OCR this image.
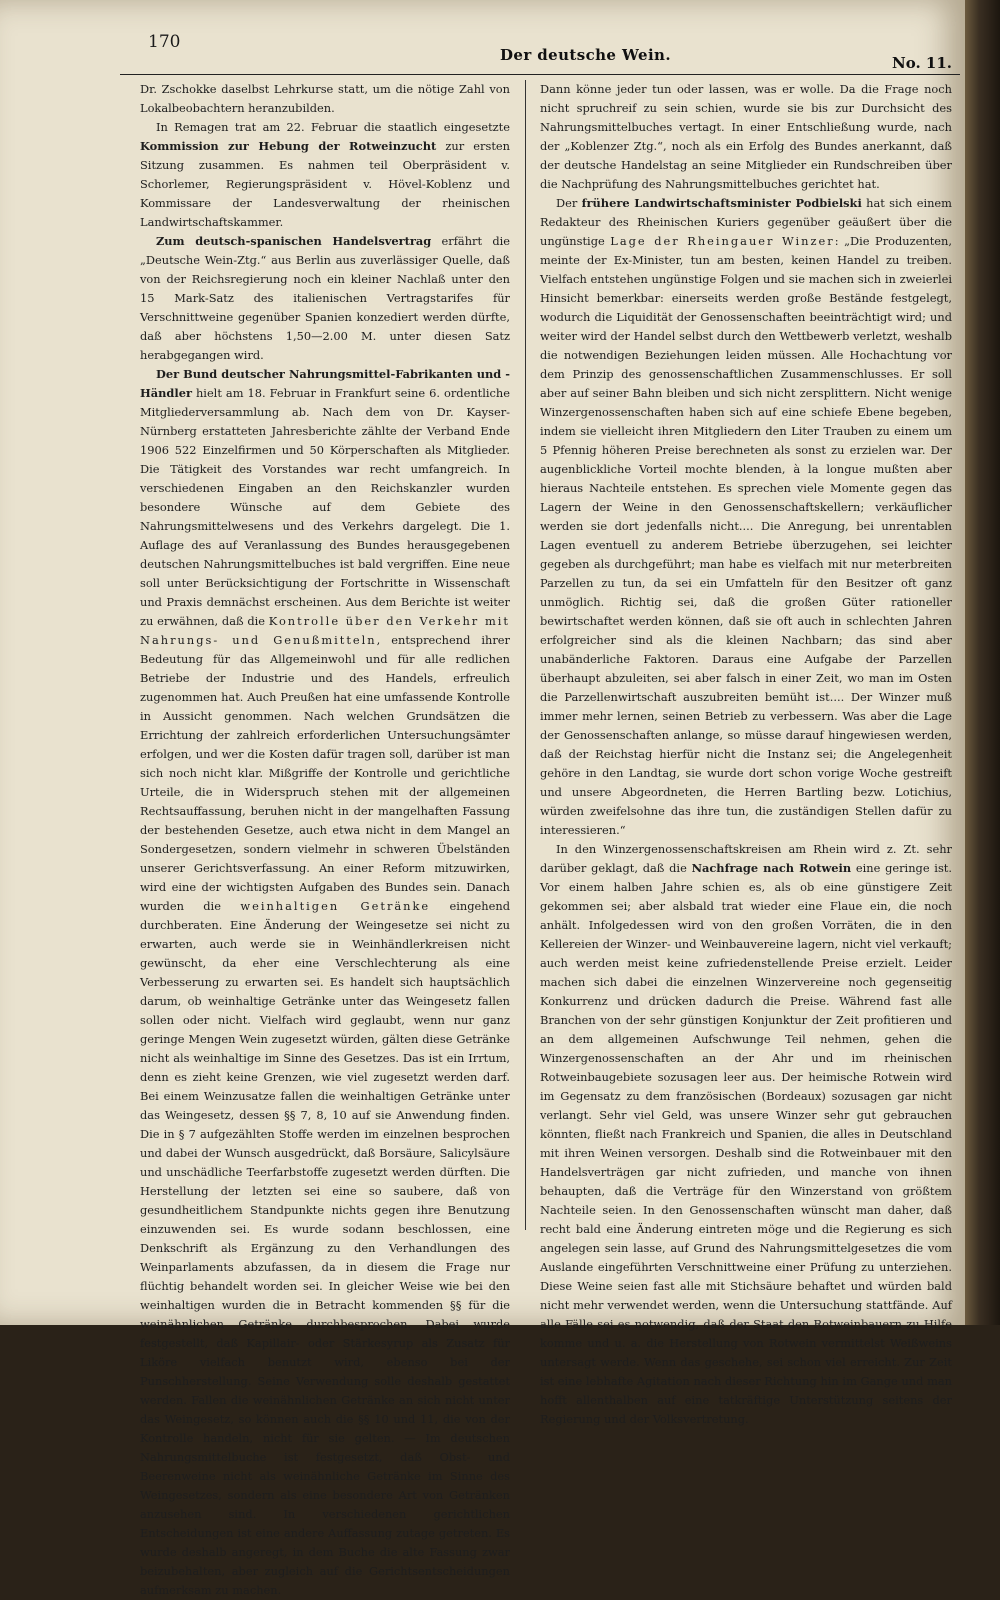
170
Der deutsche Wein.	No. 11.

Dr. Zschokke daselbst Lehrkurse statt, um die nötige Zahl von Lokalbeobachtern heranzubilden.

In Remagen trat am 22. Februar die staatlich eingesetzte Kommission zur Hebung der Rotweinzucht zur ersten Sitzung zusammen. Es nahmen teil Oberpräsident v. Schorlemer, Regierungspräsident v. Hövel-Koblenz und Kommissare der Landesverwaltung der rheinischen Landwirtschaftskammer.

Zum deutsch-spanischen Handelsvertrag erfährt die „Deutsche Wein-Ztg.“ aus Berlin aus zuverlässiger Quelle, daß von der Reichsregierung noch ein kleiner Nachlaß unter den 15 Mark-Satz des italienischen Vertragstarifes für Verschnittweine gegenüber Spanien konzediert werden dürfte, daß aber höchstens 1,50—2.00 M. unter diesen Satz herabgegangen wird.

Der Bund deutscher Nahrungsmittel-Fabrikanten und -Händler hielt am 18. Februar in Frankfurt seine 6. ordentliche Mitgliederversammlung ab. Nach dem von Dr. Kayser-Nürnberg erstatteten Jahresberichte zählte der Verband Ende 1906 522 Einzelfirmen und 50 Körperschaften als Mitglieder. Die Tätigkeit des Vorstandes war recht umfangreich. In verschiedenen Eingaben an den Reichskanzler wurden besondere Wünsche auf dem Gebiete des Nahrungsmittelwesens und des Verkehrs dargelegt. Die 1. Auflage des auf Veranlassung des Bundes herausgegebenen deutschen Nahrungsmittelbuches ist bald vergriffen. Eine neue soll unter Berücksichtigung der Fortschritte in Wissenschaft und Praxis demnächst erscheinen. Aus dem Berichte ist weiter zu erwähnen, daß die Kontrolle über den Verkehr mit Nahrungs- und Genußmitteln, entsprechend ihrer Bedeutung für das Allgemeinwohl und für alle redlichen Betriebe der Industrie und des Handels, erfreulich zugenommen hat. Auch Preußen hat eine umfassende Kontrolle in Aussicht genommen. Nach welchen Grundsätzen die Errichtung der zahlreich erforderlichen Untersuchungsämter erfolgen, und wer die Kosten dafür tragen soll, darüber ist man sich noch nicht klar. Mißgriffe der Kontrolle und gerichtliche Urteile, die in Widerspruch stehen mit der allgemeinen Rechtsauffassung, beruhen nicht in der mangelhaften Fassung der bestehenden Gesetze, auch etwa nicht in dem Mangel an Sondergesetzen, sondern vielmehr in schweren Übelständen unserer Gerichtsverfassung. An einer Reform mitzuwirken, wird eine der wichtigsten Aufgaben des Bundes sein. Danach wurden die weinhaltigen Getränke eingehend durchberaten. Eine Änderung der Weingesetze sei nicht zu erwarten, auch werde sie in Weinhändlerkreisen nicht gewünscht, da eher eine Verschlechterung als eine Verbesserung zu erwarten sei. Es handelt sich hauptsächlich darum, ob weinhaltige Getränke unter das Weingesetz fallen sollen oder nicht. Vielfach wird geglaubt, wenn nur ganz geringe Mengen Wein zugesetzt würden, gälten diese Getränke nicht als weinhaltige im Sinne des Gesetzes. Das ist ein Irrtum, denn es zieht keine Grenzen, wie viel zugesetzt werden darf. Bei einem Weinzusatze fallen die weinhaltigen Getränke unter das Weingesetz, dessen §§ 7, 8, 10 auf sie Anwendung finden. Die in § 7 aufgezählten Stoffe werden im einzelnen besprochen und dabei der Wunsch ausgedrückt, daß Borsäure, Salicylsäure und unschädliche Teerfarbstoffe zugesetzt werden dürften. Die Herstellung der letzten sei eine so saubere, daß von gesundheitlichem Standpunkte nichts gegen ihre Benutzung einzuwenden sei. Es wurde sodann beschlossen, eine Denkschrift als Ergänzung zu den Verhandlungen des Weinparlaments abzufassen, da in diesem die Frage nur flüchtig behandelt worden sei. In gleicher Weise wie bei den weinhaltigen wurden die in Betracht kommenden §§ für die weinähnlichen Getränke durchbesprochen. Dabei wurde festgestellt, daß Kapillair- oder Stärkesyrup als Zusatz für Liköre vielfach benutzt wird, ebenso bei der Punschherstellung. Seine Verwendung solle deshalb gestattet werden. Fallen die weinähnlichen Getränke an sich nicht unter das Weingesetz, so können auch die §§ 10 und 11, die von der Kontrolle handeln, nicht für sie gelten. — Im deutschen Nahrungsmittelbuche ist festgesetzt, daß Obst- und Beerenweine nicht als weinähnliche Getränke im Sinne des Weingesetzes, sondern als eine besondere Art von Getränken anzusehen sind. In verschiedenen gerichtlichen Entscheidungen ist eine andere Auffassung zutage getreten. Es wurde deshalb angeregt, in dem Buche die alte Fassung zwar beizubehalten, aber zugleich auf die Gerichtsentscheidungen aufmerksam zu machen.

Dann könne jeder tun oder lassen, was er wolle. Da die Frage noch nicht spruchreif zu sein schien, wurde sie bis zur Durchsicht des Nahrungsmittelbuches vertagt. In einer Entschließung wurde, nach der „Koblenzer Ztg.“, noch als ein Erfolg des Bundes anerkannt, daß der deutsche Handelstag an seine Mitglieder ein Rundschreiben über die Nachprüfung des Nahrungsmittelbuches gerichtet hat.

Der frühere Landwirtschaftsminister Podbielski hat sich einem Redakteur des Rheinischen Kuriers gegenüber geäußert über die ungünstige Lage der Rheingauer Winzer: „Die Produzenten, meinte der Ex-Minister, tun am besten, keinen Handel zu treiben. Vielfach entstehen ungünstige Folgen und sie machen sich in zweierlei Hinsicht bemerkbar: einerseits werden große Bestände festgelegt, wodurch die Liquidität der Genossenschaften beeinträchtigt wird; und weiter wird der Handel selbst durch den Wettbewerb verletzt, weshalb die notwendigen Beziehungen leiden müssen. Alle Hochachtung vor dem Prinzip des genossenschaftlichen Zusammenschlusses. Er soll aber auf seiner Bahn bleiben und sich nicht zersplittern. Nicht wenige Winzergenossenschaften haben sich auf eine schiefe Ebene begeben, indem sie vielleicht ihren Mitgliedern den Liter Trauben zu einem um 5 Pfennig höheren Preise berechneten als sonst zu erzielen war. Der augenblickliche Vorteil mochte blenden, à la longue mußten aber hieraus Nachteile entstehen. Es sprechen viele Momente gegen das Lagern der Weine in den Genossenschaftskellern; verkäuflicher werden sie dort jedenfalls nicht.... Die Anregung, bei unrentablen Lagen eventuell zu anderem Betriebe überzugehen, sei leichter gegeben als durchgeführt; man habe es vielfach mit nur meterbreiten Parzellen zu tun, da sei ein Umfatteln für den Besitzer oft ganz unmöglich. Richtig sei, daß die großen Güter rationeller bewirtschaftet werden können, daß sie oft auch in schlechten Jahren erfolgreicher sind als die kleinen Nachbarn; das sind aber unabänderliche Faktoren. Daraus eine Aufgabe der Parzellen überhaupt abzuleiten, sei aber falsch in einer Zeit, wo man im Osten die Parzellenwirtschaft auszubreiten bemüht ist.... Der Winzer muß immer mehr lernen, seinen Betrieb zu verbessern. Was aber die Lage der Genossenschaften anlange, so müsse darauf hingewiesen werden, daß der Reichstag hierfür nicht die Instanz sei; die Angelegenheit gehöre in den Landtag, sie wurde dort schon vorige Woche gestreift und unsere Abgeordneten, die Herren Bartling bezw. Lotichius, würden zweifelsohne das ihre tun, die zuständigen Stellen dafür zu interessieren.“

In den Winzergenossenschaftskreisen am Rhein wird z. Zt. sehr darüber geklagt, daß die Nachfrage nach Rotwein eine geringe ist. Vor einem halben Jahre schien es, als ob eine günstigere Zeit gekommen sei; aber alsbald trat wieder eine Flaue ein, die noch anhält. Infolgedessen wird von den großen Vorräten, die in den Kellereien der Winzer- und Weinbauvereine lagern, nicht viel verkauft; auch werden meist keine zufriedenstellende Preise erzielt. Leider machen sich dabei die einzelnen Winzervereine noch gegenseitig Konkurrenz und drücken dadurch die Preise. Während fast alle Branchen von der sehr günstigen Konjunktur der Zeit profitieren und an dem allgemeinen Aufschwunge Teil nehmen, gehen die Winzergenossenschaften an der Ahr und im rheinischen Rotweinbaugebiete sozusagen leer aus. Der heimische Rotwein wird im Gegensatz zu dem französischen (Bordeaux) sozusagen gar nicht verlangt. Sehr viel Geld, was unsere Winzer sehr gut gebrauchen könnten, fließt nach Frankreich und Spanien, die alles in Deutschland mit ihren Weinen versorgen. Deshalb sind die Rotweinbauer mit den Handelsverträgen gar nicht zufrieden, und manche von ihnen behaupten, daß die Verträge für den Winzerstand von größtem Nachteile seien. In den Genossenschaften wünscht man daher, daß recht bald eine Änderung eintreten möge und die Regierung es sich angelegen sein lasse, auf Grund des Nahrungsmittelgesetzes die vom Auslande eingeführten Verschnittweine einer Prüfung zu unterziehen. Diese Weine seien fast alle mit Stichsäure behaftet und würden bald nicht mehr verwendet werden, wenn die Untersuchung stattfände. Auf alle Fälle sei es notwendig, daß der Staat den Rotweinbauern zu Hilfe komme und u. a. die Herstellung von Rotwein vermittelst Weißweins untersagt werde. Wenn das geschehe, sei schon viel erreicht. Zur Zeit ist eine lebhafte Agitation nach dieser Richtung hin im Gange und man hofft allenthalben auf eine tatkräftige Unterstützung seitens der Regierung und der Volksvertretung.
